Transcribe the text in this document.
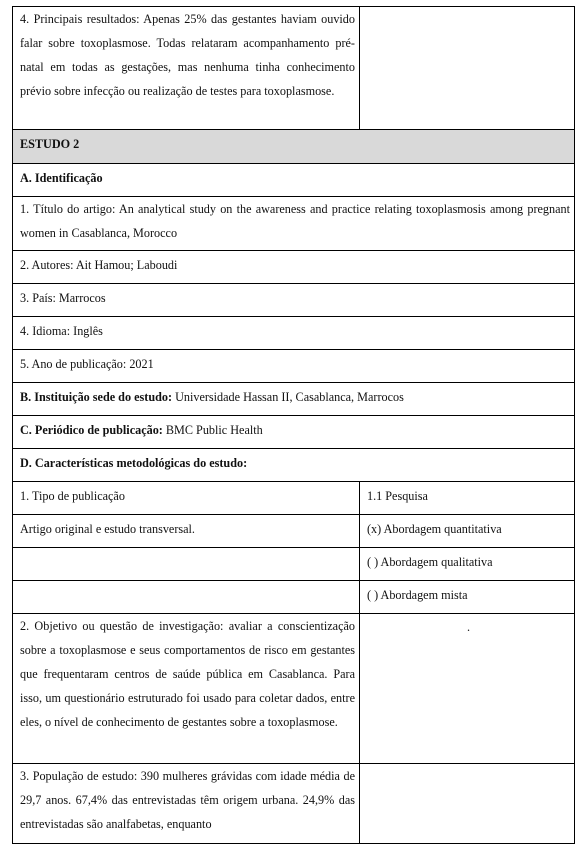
4. Principais resultados: Apenas 25% das gestantes haviam ouvido falar sobre toxoplasmose. Todas relataram acompanhamento pré-natal em todas as gestações, mas nenhuma tinha conhecimento prévio sobre infecção ou realização de testes para toxoplasmose.	
ESTUDO 2	
A. Identificação	
1. Título do artigo: An analytical study on the awareness and practice relating toxoplasmosis among pregnant women in Casablanca, Morocco	
2. Autores: Ait Hamou; Laboudi	
3. País: Marrocos	
4. Idioma: Inglês	
5. Ano de publicação: 2021	
B. Instituição sede do estudo: Universidade Hassan II, Casablanca, Marrocos	
C. Periódico de publicação: BMC Public Health	
D. Características metodológicas do estudo:	
1. Tipo de publicação	1.1 Pesquisa
Artigo original e estudo transversal.	(x) Abordagem quantitativa
	( ) Abordagem qualitativa
	( ) Abordagem mista
2. Objetivo ou questão de investigação: avaliar a conscientização sobre a toxoplasmose e seus comportamentos de risco em gestantes que frequentaram centros de saúde pública em Casablanca. Para isso, um questionário estruturado foi usado para coletar dados, entre eles, o nível de conhecimento de gestantes sobre a toxoplasmose.	.
3. População de estudo: 390 mulheres grávidas com idade média de 29,7 anos. 67,4% das entrevistadas têm origem urbana. 24,9% das entrevistadas são analfabetas, enquanto	
